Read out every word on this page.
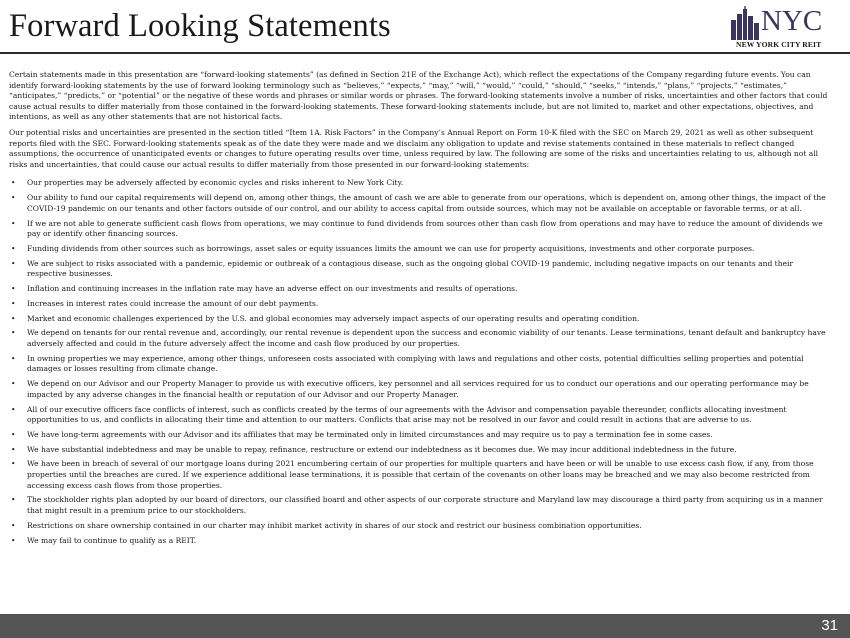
Forward Looking Statements	NYC
NEW YORK CITY REIT

Certain statements made in this presentation are “forward-looking statements” (as defined in Section 21E of the Exchange Act), which reflect the expectations of the Company regarding future events. You can identify forward-looking statements by the use of forward looking terminology such as “believes,” “expects,” “may,” “will,” “would,” “could,” “should,” “seeks,” “intends,” “plans,” “projects,” “estimates,” “anticipates,” “predicts,” or “potential” or the negative of these words and phrases or similar words or phrases. The forward-looking statements involve a number of risks, uncertainties and other factors that could cause actual results to differ materially from those contained in the forward-looking statements. These forward-looking statements include, but are not limited to, market and other expectations, objectives, and intentions, as well as any other statements that are not historical facts.

Our potential risks and uncertainties are presented in the section titled “Item 1A. Risk Factors” in the Company’s Annual Report on Form 10-K filed with the SEC on March 29, 2021 as well as other subsequent reports filed with the SEC. Forward-looking statements speak as of the date they were made and we disclaim any obligation to update and revise statements contained in these materials to reflect changed assumptions, the occurrence of unanticipated events or changes to future operating results over time, unless required by law. The following are some of the risks and uncertainties relating to us, although not all risks and uncertainties, that could cause our actual results to differ materially from those presented in our forward-looking statements:

• Our properties may be adversely affected by economic cycles and risks inherent to New York City.
• Our ability to fund our capital requirements will depend on, among other things, the amount of cash we are able to generate from our operations, which is dependent on, among other things, the impact of the COVID-19 pandemic on our tenants and other factors outside of our control, and our ability to access capital from outside sources, which may not be available on acceptable or favorable terms, or at all.
• If we are not able to generate sufficient cash flows from operations, we may continue to fund dividends from sources other than cash flow from operations and may have to reduce the amount of dividends we pay or identify other financing sources.
• Funding dividends from other sources such as borrowings, asset sales or equity issuances limits the amount we can use for property acquisitions, investments and other corporate purposes.
• We are subject to risks associated with a pandemic, epidemic or outbreak of a contagious disease, such as the ongoing global COVID-19 pandemic, including negative impacts on our tenants and their respective businesses.
• Inflation and continuing increases in the inflation rate may have an adverse effect on our investments and results of operations.
• Increases in interest rates could increase the amount of our debt payments.
• Market and economic challenges experienced by the U.S. and global economies may adversely impact aspects of our operating results and operating condition.
• We depend on tenants for our rental revenue and, accordingly, our rental revenue is dependent upon the success and economic viability of our tenants. Lease terminations, tenant default and bankruptcy have adversely affected and could in the future adversely affect the income and cash flow produced by our properties.
• In owning properties we may experience, among other things, unforeseen costs associated with complying with laws and regulations and other costs, potential difficulties selling properties and potential damages or losses resulting from climate change.
• We depend on our Advisor and our Property Manager to provide us with executive officers, key personnel and all services required for us to conduct our operations and our operating performance may be impacted by any adverse changes in the financial health or reputation of our Advisor and our Property Manager.
• All of our executive officers face conflicts of interest, such as conflicts created by the terms of our agreements with the Advisor and compensation payable thereunder, conflicts allocating investment opportunities to us, and conflicts in allocating their time and attention to our matters. Conflicts that arise may not be resolved in our favor and could result in actions that are adverse to us.
• We have long-term agreements with our Advisor and its affiliates that may be terminated only in limited circumstances and may require us to pay a termination fee in some cases.
• We have substantial indebtedness and may be unable to repay, refinance, restructure or extend our indebtedness as it becomes due. We may incur additional indebtedness in the future.
• We have been in breach of several of our mortgage loans during 2021 encumbering certain of our properties for multiple quarters and have been or will be unable to use excess cash flow, if any, from those properties until the breaches are cured. If we experience additional lease terminations, it is possible that certain of the covenants on other loans may be breached and we may also become restricted from accessing excess cash flows from those properties.
• The stockholder rights plan adopted by our board of directors, our classified board and other aspects of our corporate structure and Maryland law may discourage a third party from acquiring us in a manner that might result in a premium price to our stockholders.
• Restrictions on share ownership contained in our charter may inhibit market activity in shares of our stock and restrict our business combination opportunities.
• We may fail to continue to qualify as a REIT.
31
